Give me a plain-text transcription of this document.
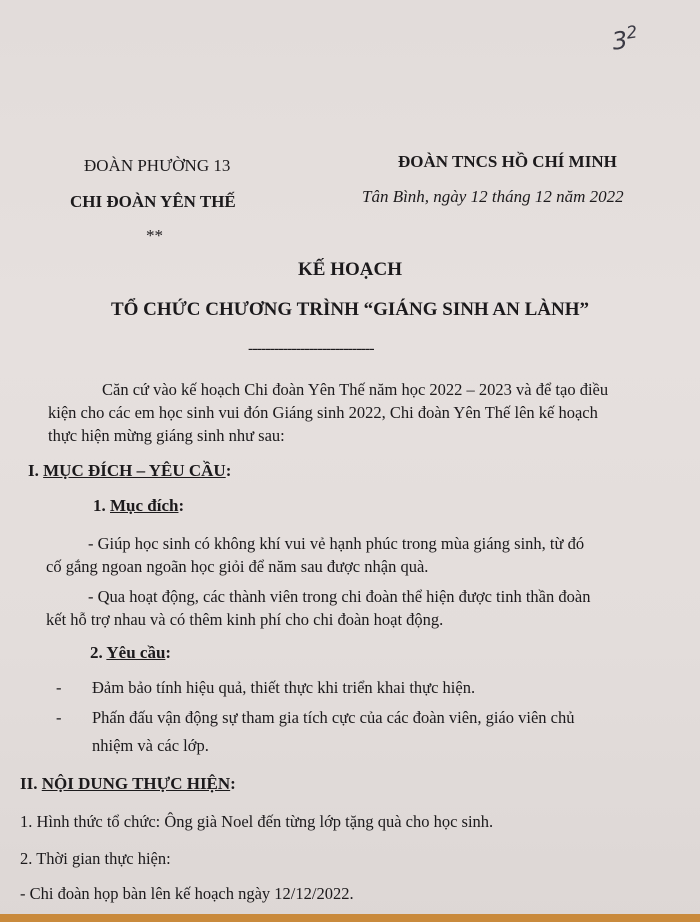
$3^2$
ĐOÀN PHƯỜNG 13
CHI ĐOÀN YÊN THẾ
**
ĐOÀN TNCS HỒ CHÍ MINH
Tân Bình, ngày 12 tháng 12 năm 2022
KẾ HOẠCH
TỔ CHỨC CHƯƠNG TRÌNH “GIÁNG SINH AN LÀNH”
-----------------------------
Căn cứ vào kế hoạch Chi đoàn Yên Thế năm học 2022 – 2023 và để tạo điều
kiện cho các em học sinh vui đón Giáng sinh 2022, Chi đoàn Yên Thế lên kế hoạch
thực hiện mừng giáng sinh như sau:
I. MỤC ĐÍCH – YÊU CẦU:
1. Mục đích:
- Giúp học sinh có không khí vui vẻ hạnh phúc trong mùa giáng sinh, từ đó
cố gắng ngoan ngoãn học giỏi để năm sau được nhận quà.
- Qua hoạt động, các thành viên trong chi đoàn thể hiện được tinh thần đoàn
kết hỗ trợ nhau và có thêm kinh phí cho chi đoàn hoạt động.
2. Yêu cầu:
- Đảm bảo tính hiệu quả, thiết thực khi triển khai thực hiện.
- Phấn đấu vận động sự tham gia tích cực của các đoàn viên, giáo viên chủ
nhiệm và các lớp.
II. NỘI DUNG THỰC HIỆN:
1. Hình thức tổ chức: Ông già Noel đến từng lớp tặng quà cho học sinh.
2. Thời gian thực hiện:
- Chi đoàn họp bàn lên kế hoạch ngày 12/12/2022.
